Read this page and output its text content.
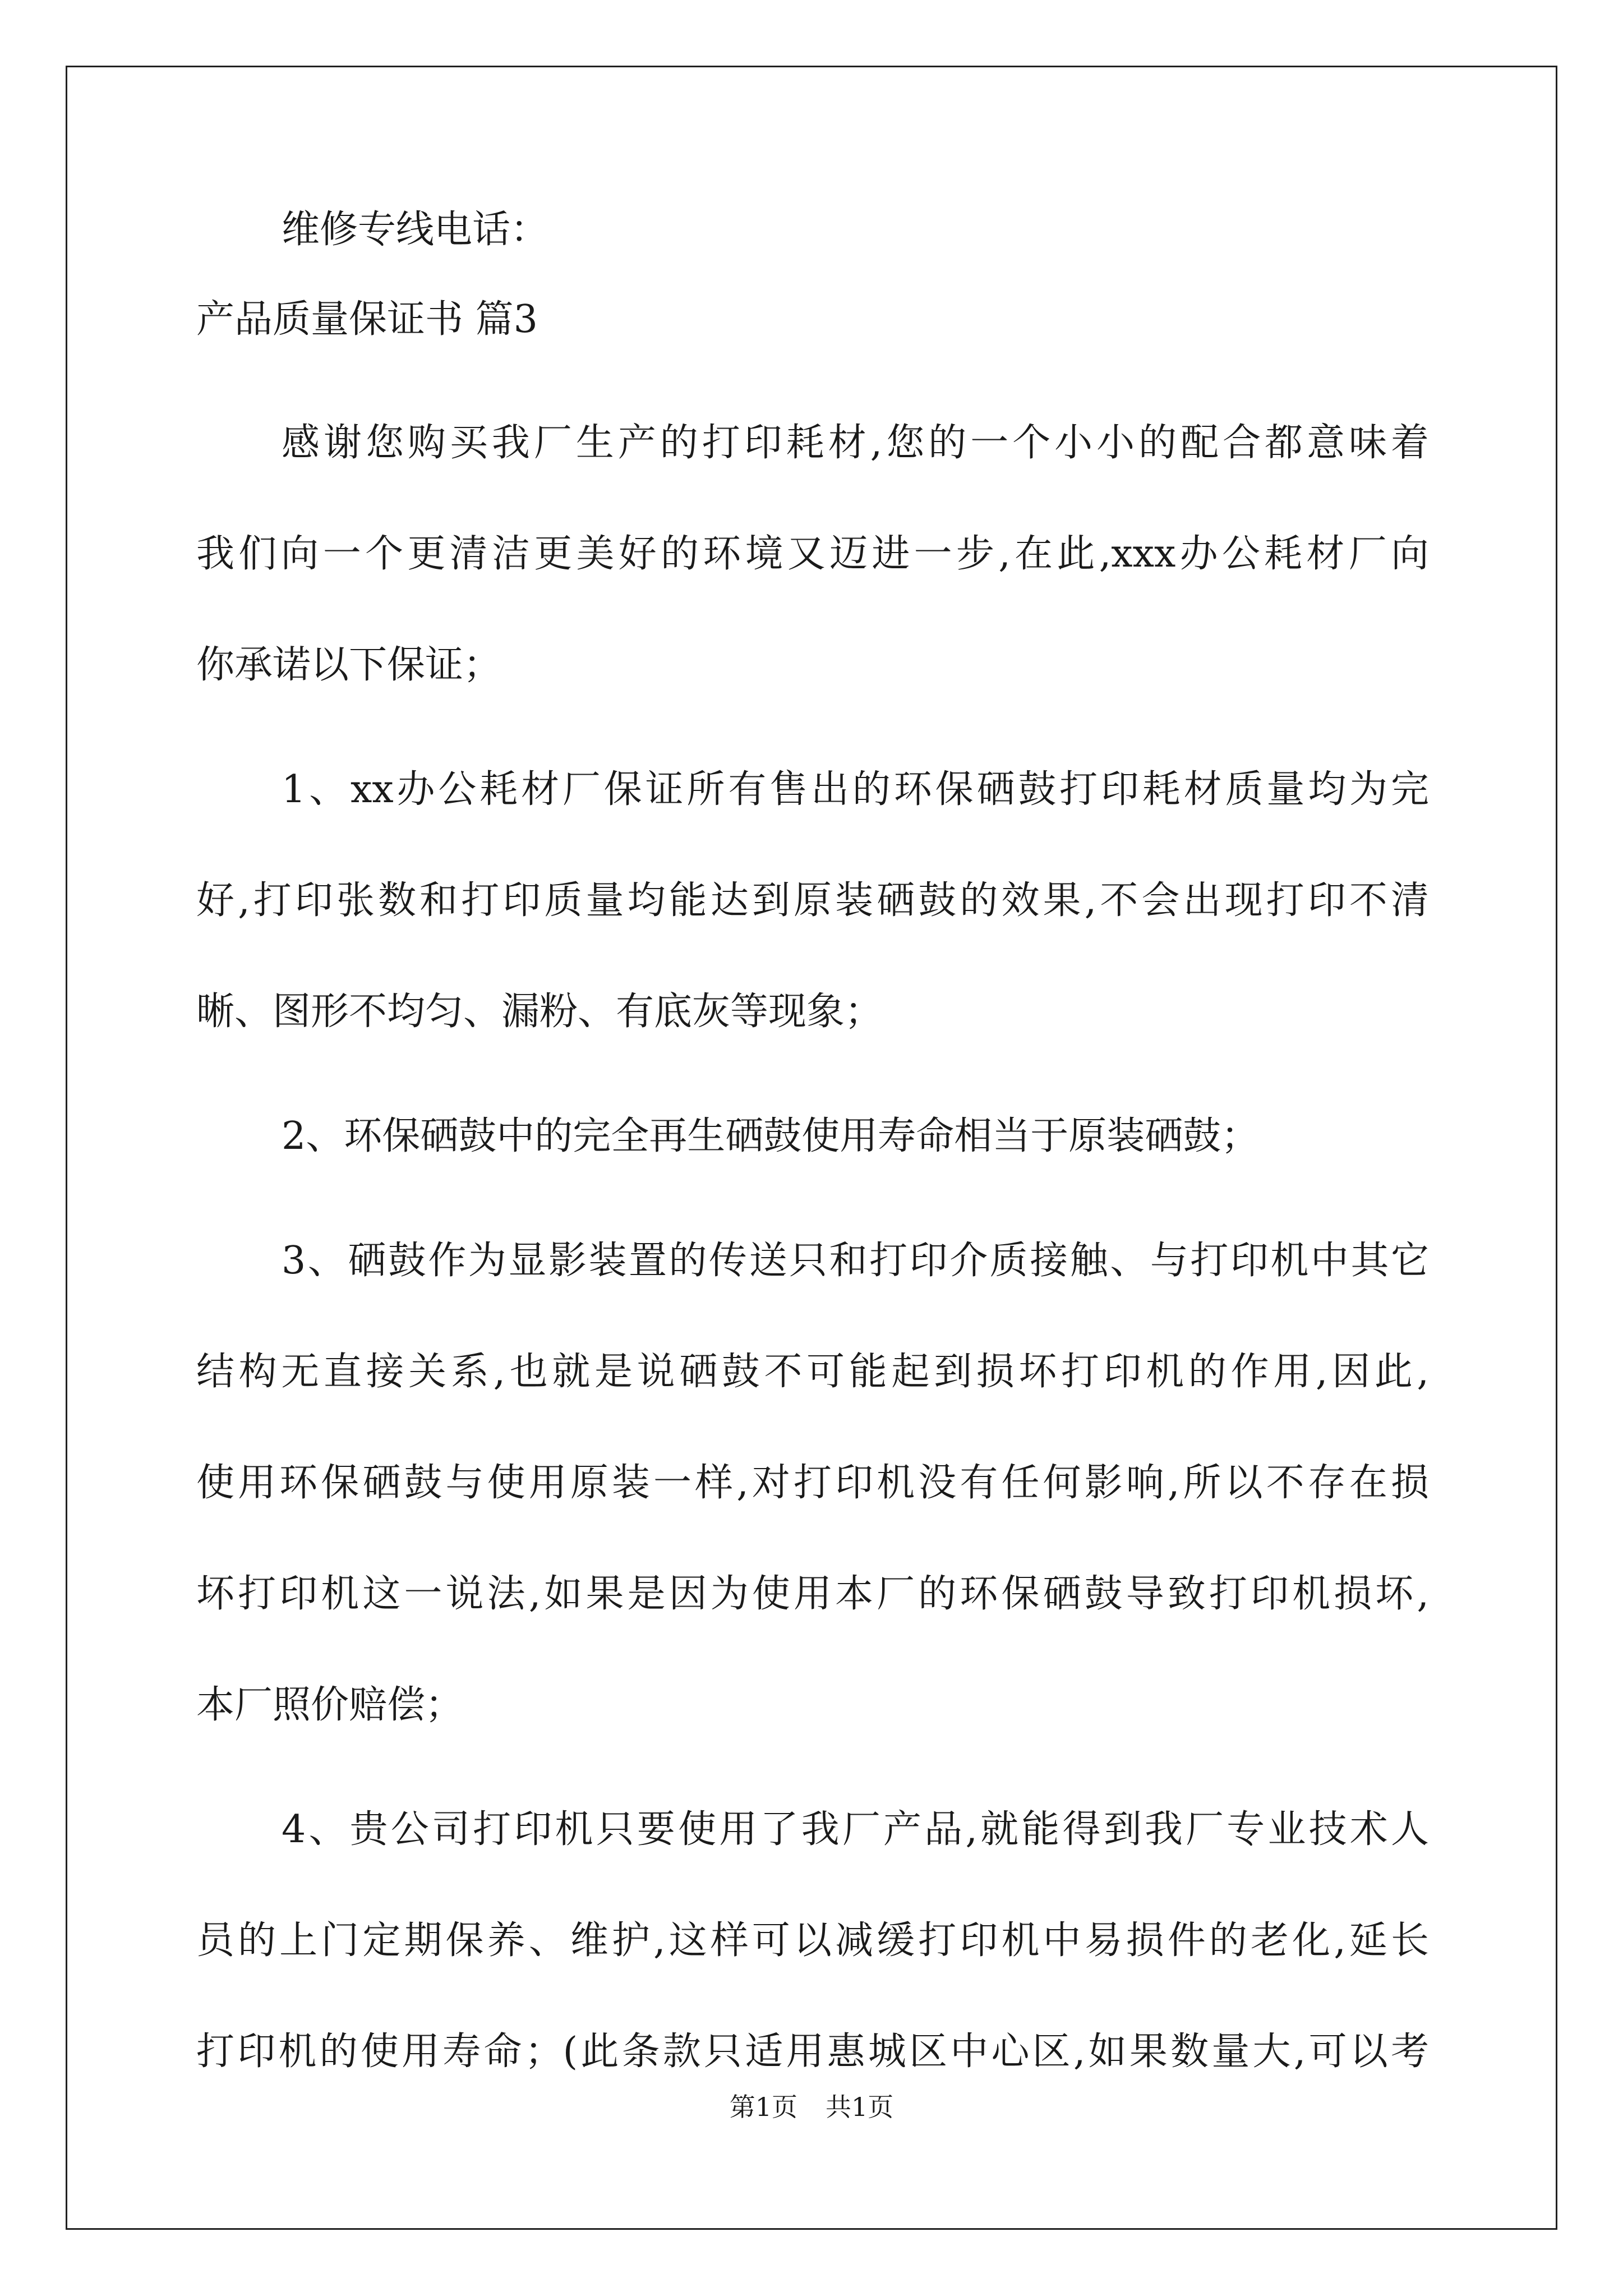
维修专线电话：
产品质量保证书 篇3
感谢您购买我厂生产的打印耗材,您的一个小小的配合都意味着
我们向一个更清洁更美好的环境又迈进一步,在此,xxx办公耗材厂向
你承诺以下保证；
1、xx办公耗材厂保证所有售出的环保硒鼓打印耗材质量均为完
好,打印张数和打印质量均能达到原装硒鼓的效果,不会出现打印不清
晰、图形不均匀、漏粉、有底灰等现象；
2、环保硒鼓中的完全再生硒鼓使用寿命相当于原装硒鼓；
3、硒鼓作为显影装置的传送只和打印介质接触、与打印机中其它
结构无直接关系,也就是说硒鼓不可能起到损坏打印机的作用,因此,
使用环保硒鼓与使用原装一样,对打印机没有任何影响,所以不存在损
坏打印机这一说法,如果是因为使用本厂的环保硒鼓导致打印机损坏,
本厂照价赔偿；
4、贵公司打印机只要使用了我厂产品,就能得到我厂专业技术人
员的上门定期保养、维护,这样可以减缓打印机中易损件的老化,延长
打印机的使用寿命；(此条款只适用惠城区中心区,如果数量大,可以考
第1页 共1页
